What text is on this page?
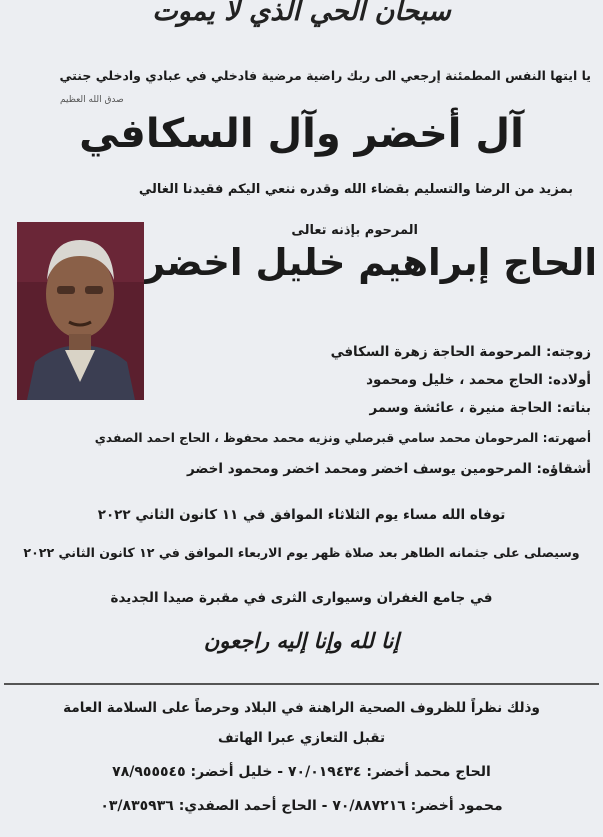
سبحان الحي الذي لا يموت
يا ايتها النفس المطمئنة إرجعي الى ربك راضية مرضية فادخلي في عبادي وادخلي جنتي
صدق الله العظيم
آل أخضر وآل السكافي
بمزيد من الرضا والتسليم بقضاء الله وقدره ننعي اليكم فقيدنا الغالي
المرحوم بإذنه تعالى
الحاج إبراهيم خليل اخضر
زوجته: المرحومة الحاجة زهرة السكافي
أولاده: الحاج محمد ، خليل ومحمود
بناته: الحاجة منيرة ، عائشة وسمر
أصهرته: المرحومان محمد سامي قبرصلي ونزيه محمد محفوظ ، الحاج احمد الصفدي
أشقاؤه: المرحومين يوسف اخضر ومحمد اخضر ومحمود اخضر
توفاه الله مساء يوم الثلاثاء الموافق في ١١ كانون الثاني ٢٠٢٢
وسيصلى على جثمانه الطاهر بعد صلاة ظهر يوم الاربعاء الموافق في ١٢ كانون الثاني ٢٠٢٢
في جامع الغفران وسيوارى الثرى في مقبرة صيدا الجديدة
إنا لله وإنا إليه راجعون
وذلك نظراً للظروف الصحية الراهنة في البلاد وحرصاً على السلامة العامة
تقبل التعازي عبرا الهاتف
الحاج محمد أخضر: ٧٠/٠١٩٤٣٤ - خليل أخضر: ٧٨/٩٥٥٥٤٥
محمود أخضر: ٧٠/٨٨٧٢١٦ - الحاج أحمد الصفدي: ٠٣/٨٣٥٩٣٦
